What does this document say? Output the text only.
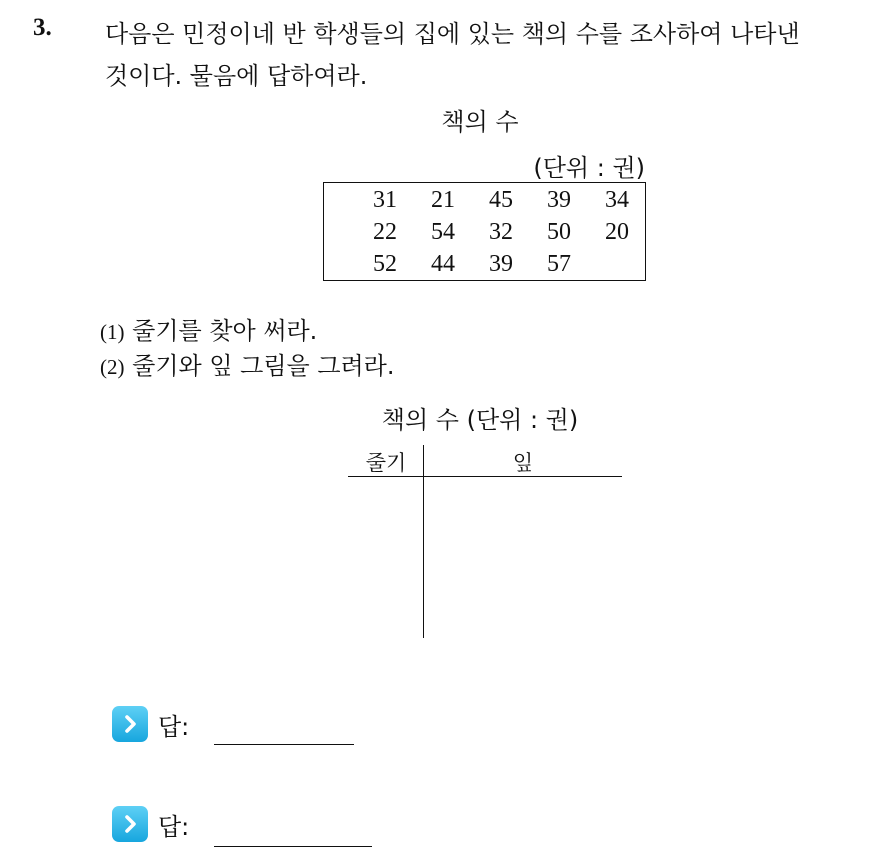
3. 다음은 민정이네 반 학생들의 집에 있는 책의 수를 조사하여 나타낸
것이다. 물음에 답하여라.
책의 수
(단위 : 권)
31	21	45	39	34
22	54	32	50	20
52	44	39	57
(1) 줄기를 찾아 써라.
(2) 줄기와 잎 그림을 그려라.
책의 수 (단위 : 권)
줄기	잎
답:
답:
